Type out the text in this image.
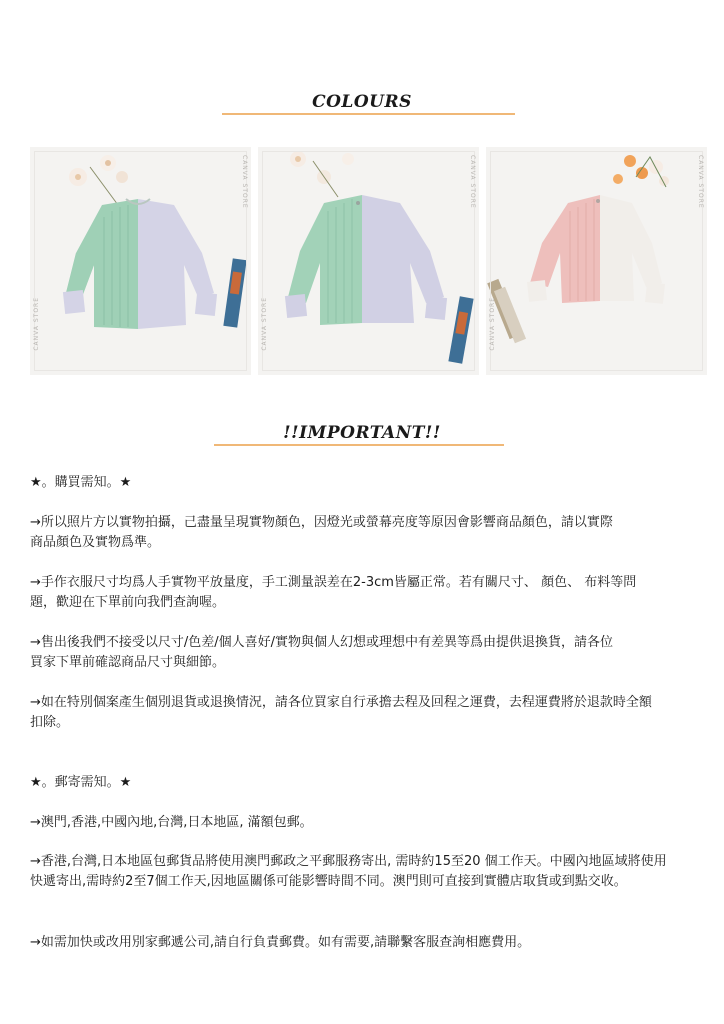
COLOURS
CANVA STORE
CANVA STORE
CANVA STORE
CANVA STORE
CANVA STORE
CANVA STORE
!!IMPORTANT!!
★。購買需知。★
→所以照片方以實物拍攝，己盡量呈現實物顏色，因燈光或螢幕亮度等原因會影響商品顏色，請以實際商品顏色及實物爲準。
→手作衣服尺寸均爲人手實物平放量度，手工測量誤差在2-3cm皆屬正常。若有關尺寸、 顏色、 布料等問題，歡迎在下單前向我們查詢喔。
→售出後我們不接受以尺寸/色差/個人喜好/實物與個人幻想或理想中有差異等爲由提供退換貨，請各位買家下單前確認商品尺寸與細節。
→如在特別個案產生個別退貨或退換情況，請各位買家自行承擔去程及回程之運費，去程運費將於退款時全額扣除。
★。郵寄需知。★
→澳門,香港,中國內地,台灣,日本地區, 滿額包郵。
→香港,台灣,日本地區包郵貨品將使用澳門郵政之平郵服務寄出, 需時約15至20 個工作天。中國內地區域將使用快遞寄出,需時約2至7個工作天,因地區關係可能影響時間不同。澳門則可直接到實體店取貨或到點交收。
→如需加快或改用別家郵遞公司,請自行負責郵費。如有需要,請聯繫客服查詢相應費用。
